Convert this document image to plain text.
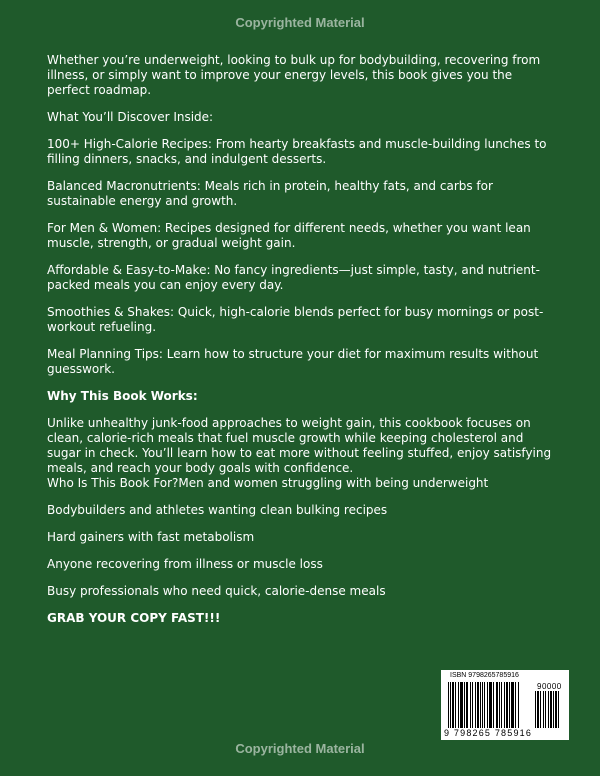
Copyrighted Material

Whether you’re underweight, looking to bulk up for bodybuilding, recovering from illness, or simply want to improve your energy levels, this book gives you the perfect roadmap.

What You’ll Discover Inside:

100+ High-Calorie Recipes: From hearty breakfasts and muscle-building lunches to filling dinners, snacks, and indulgent desserts.

Balanced Macronutrients: Meals rich in protein, healthy fats, and carbs for sustainable energy and growth.

For Men & Women: Recipes designed for different needs, whether you want lean muscle, strength, or gradual weight gain.

Affordable & Easy-to-Make: No fancy ingredients—just simple, tasty, and nutrient-packed meals you can enjoy every day.

Smoothies & Shakes: Quick, high-calorie blends perfect for busy mornings or post-workout refueling.

Meal Planning Tips: Learn how to structure your diet for maximum results without guesswork.

Why This Book Works:

Unlike unhealthy junk-food approaches to weight gain, this cookbook focuses on clean, calorie-rich meals that fuel muscle growth while keeping cholesterol and sugar in check. You’ll learn how to eat more without feeling stuffed, enjoy satisfying meals, and reach your body goals with confidence.

Who Is This Book For?Men and women struggling with being underweight

Bodybuilders and athletes wanting clean bulking recipes

Hard gainers with fast metabolism

Anyone recovering from illness or muscle loss

Busy professionals who need quick, calorie-dense meals

GRAB YOUR COPY FAST!!!

ISBN 9798265785916
90000
9 798265 785916
Copyrighted Material
